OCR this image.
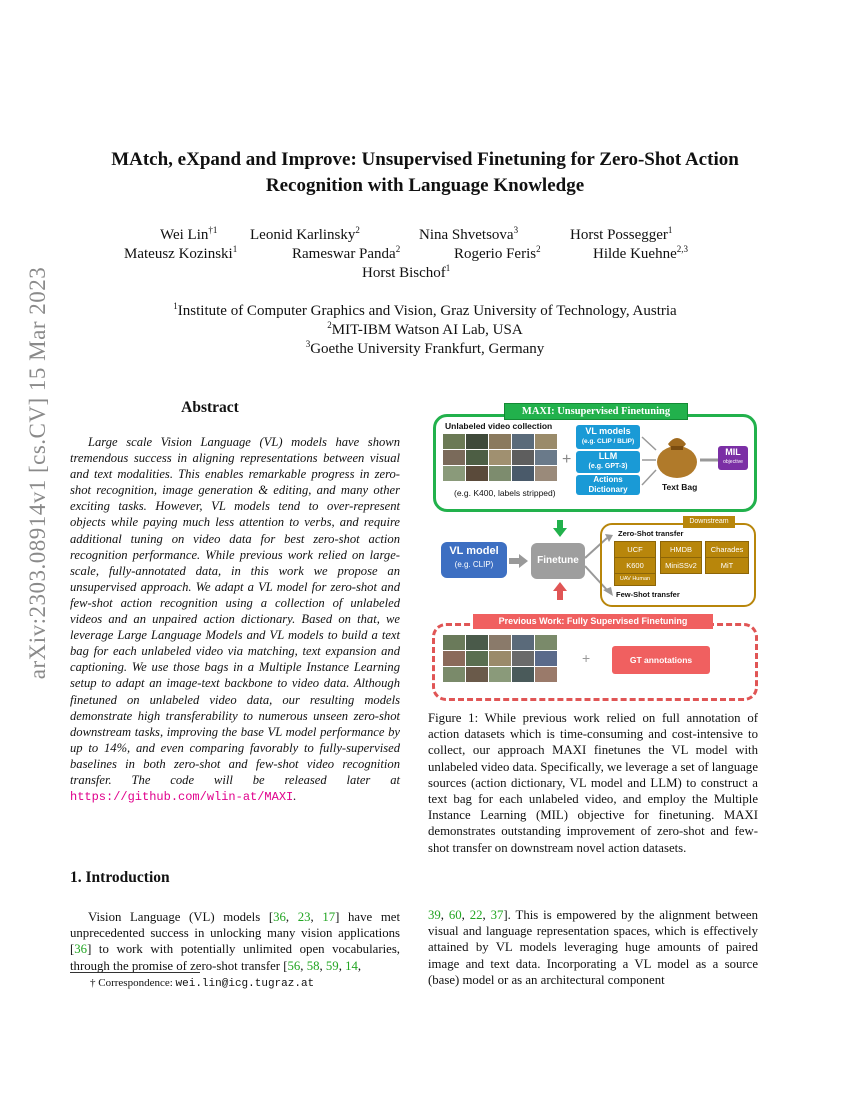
arXiv:2303.08914v1 [cs.CV] 15 Mar 2023
MAtch, eXpand and Improve: Unsupervised Finetuning for Zero-Shot Action
Recognition with Language Knowledge
Wei Lin$^{\dagger 1}$ Leonid Karlinsky$^2$	Nina Shvetsova$^3$	Horst Possegger$^1$
Mateusz Kozinski$^1$	Rameswar Panda$^2$	Rogerio Feris$^2$	Hilde Kuehne$^{2,3}$
Horst Bischof$^1$
$^1$Institute of Computer Graphics and Vision, Graz University of Technology, Austria
$^2$MIT-IBM Watson AI Lab, USA
$^3$Goethe University Frankfurt, Germany
Abstract

Large scale Vision Language (VL) models have shown tremendous success in aligning representations between visual and text modalities. This enables remarkable progress in zero-shot recognition, image generation & editing, and many other exciting tasks. However, VL models tend to over-represent objects while paying much less attention to verbs, and require additional tuning on video data for best zero-shot action recognition performance. While previous work relied on large-scale, fully-annotated data, in this work we propose an unsupervised approach. We adapt a VL model for zero-shot and few-shot action recognition using a collection of unlabeled videos and an unpaired action dictionary. Based on that, we leverage Large Language Models and VL models to build a text bag for each unlabeled video via matching, text expansion and captioning. We use those bags in a Multiple Instance Learning setup to adapt an image-text backbone to video data. Although finetuned on unlabeled video data, our resulting models demonstrate high transferability to numerous unseen zero-shot downstream tasks, improving the base VL model performance by up to 14%, and even comparing favorably to fully-supervised baselines in both zero-shot and few-shot video recognition transfer. The code will be released later at https://github.com/wlin-at/MAXI.

1. Introduction

Vision Language (VL) models [36, 23, 17] have met unprecedented success in unlocking many vision applications [36] to work with potentially unlimited open vocabularies, through the promise of zero-shot transfer [56, 58, 59, 14,

† Correspondence: wei.lin@icg.tugraz.at
MAXI: Unsupervised Finetuning
Unlabeled video collection
(e.g. K400, labels stripped)
+
VL models
(e.g. CLIP / BLIP)
LLM
(e.g. GPT-3)
Actions Dictionary	Text Bag
MIL
objective
VL model
(e.g. CLIP)	Finetune
Downstream
Zero-Shot transfer
UCF	HMDB	Charades
K600	MiniSSv2	MiT
UAV Human
Few-Shot transfer
Previous Work: Fully Supervised Finetuning
+	GT annotations
Figure 1: While previous work relied on full annotation of action datasets which is time-consuming and cost-intensive to collect, our approach MAXI finetunes the VL model with unlabeled video data. Specifically, we leverage a set of language sources (action dictionary, VL model and LLM) to construct a text bag for each unlabeled video, and employ the Multiple Instance Learning (MIL) objective for finetuning. MAXI demonstrates outstanding improvement of zero-shot and few-shot transfer on downstream novel action datasets.
39, 60, 22, 37]. This is empowered by the alignment between visual and language representation spaces, which is effectively attained by VL models leveraging huge amounts of paired image and text data. Incorporating a VL model as a source (base) model or as an architectural component
